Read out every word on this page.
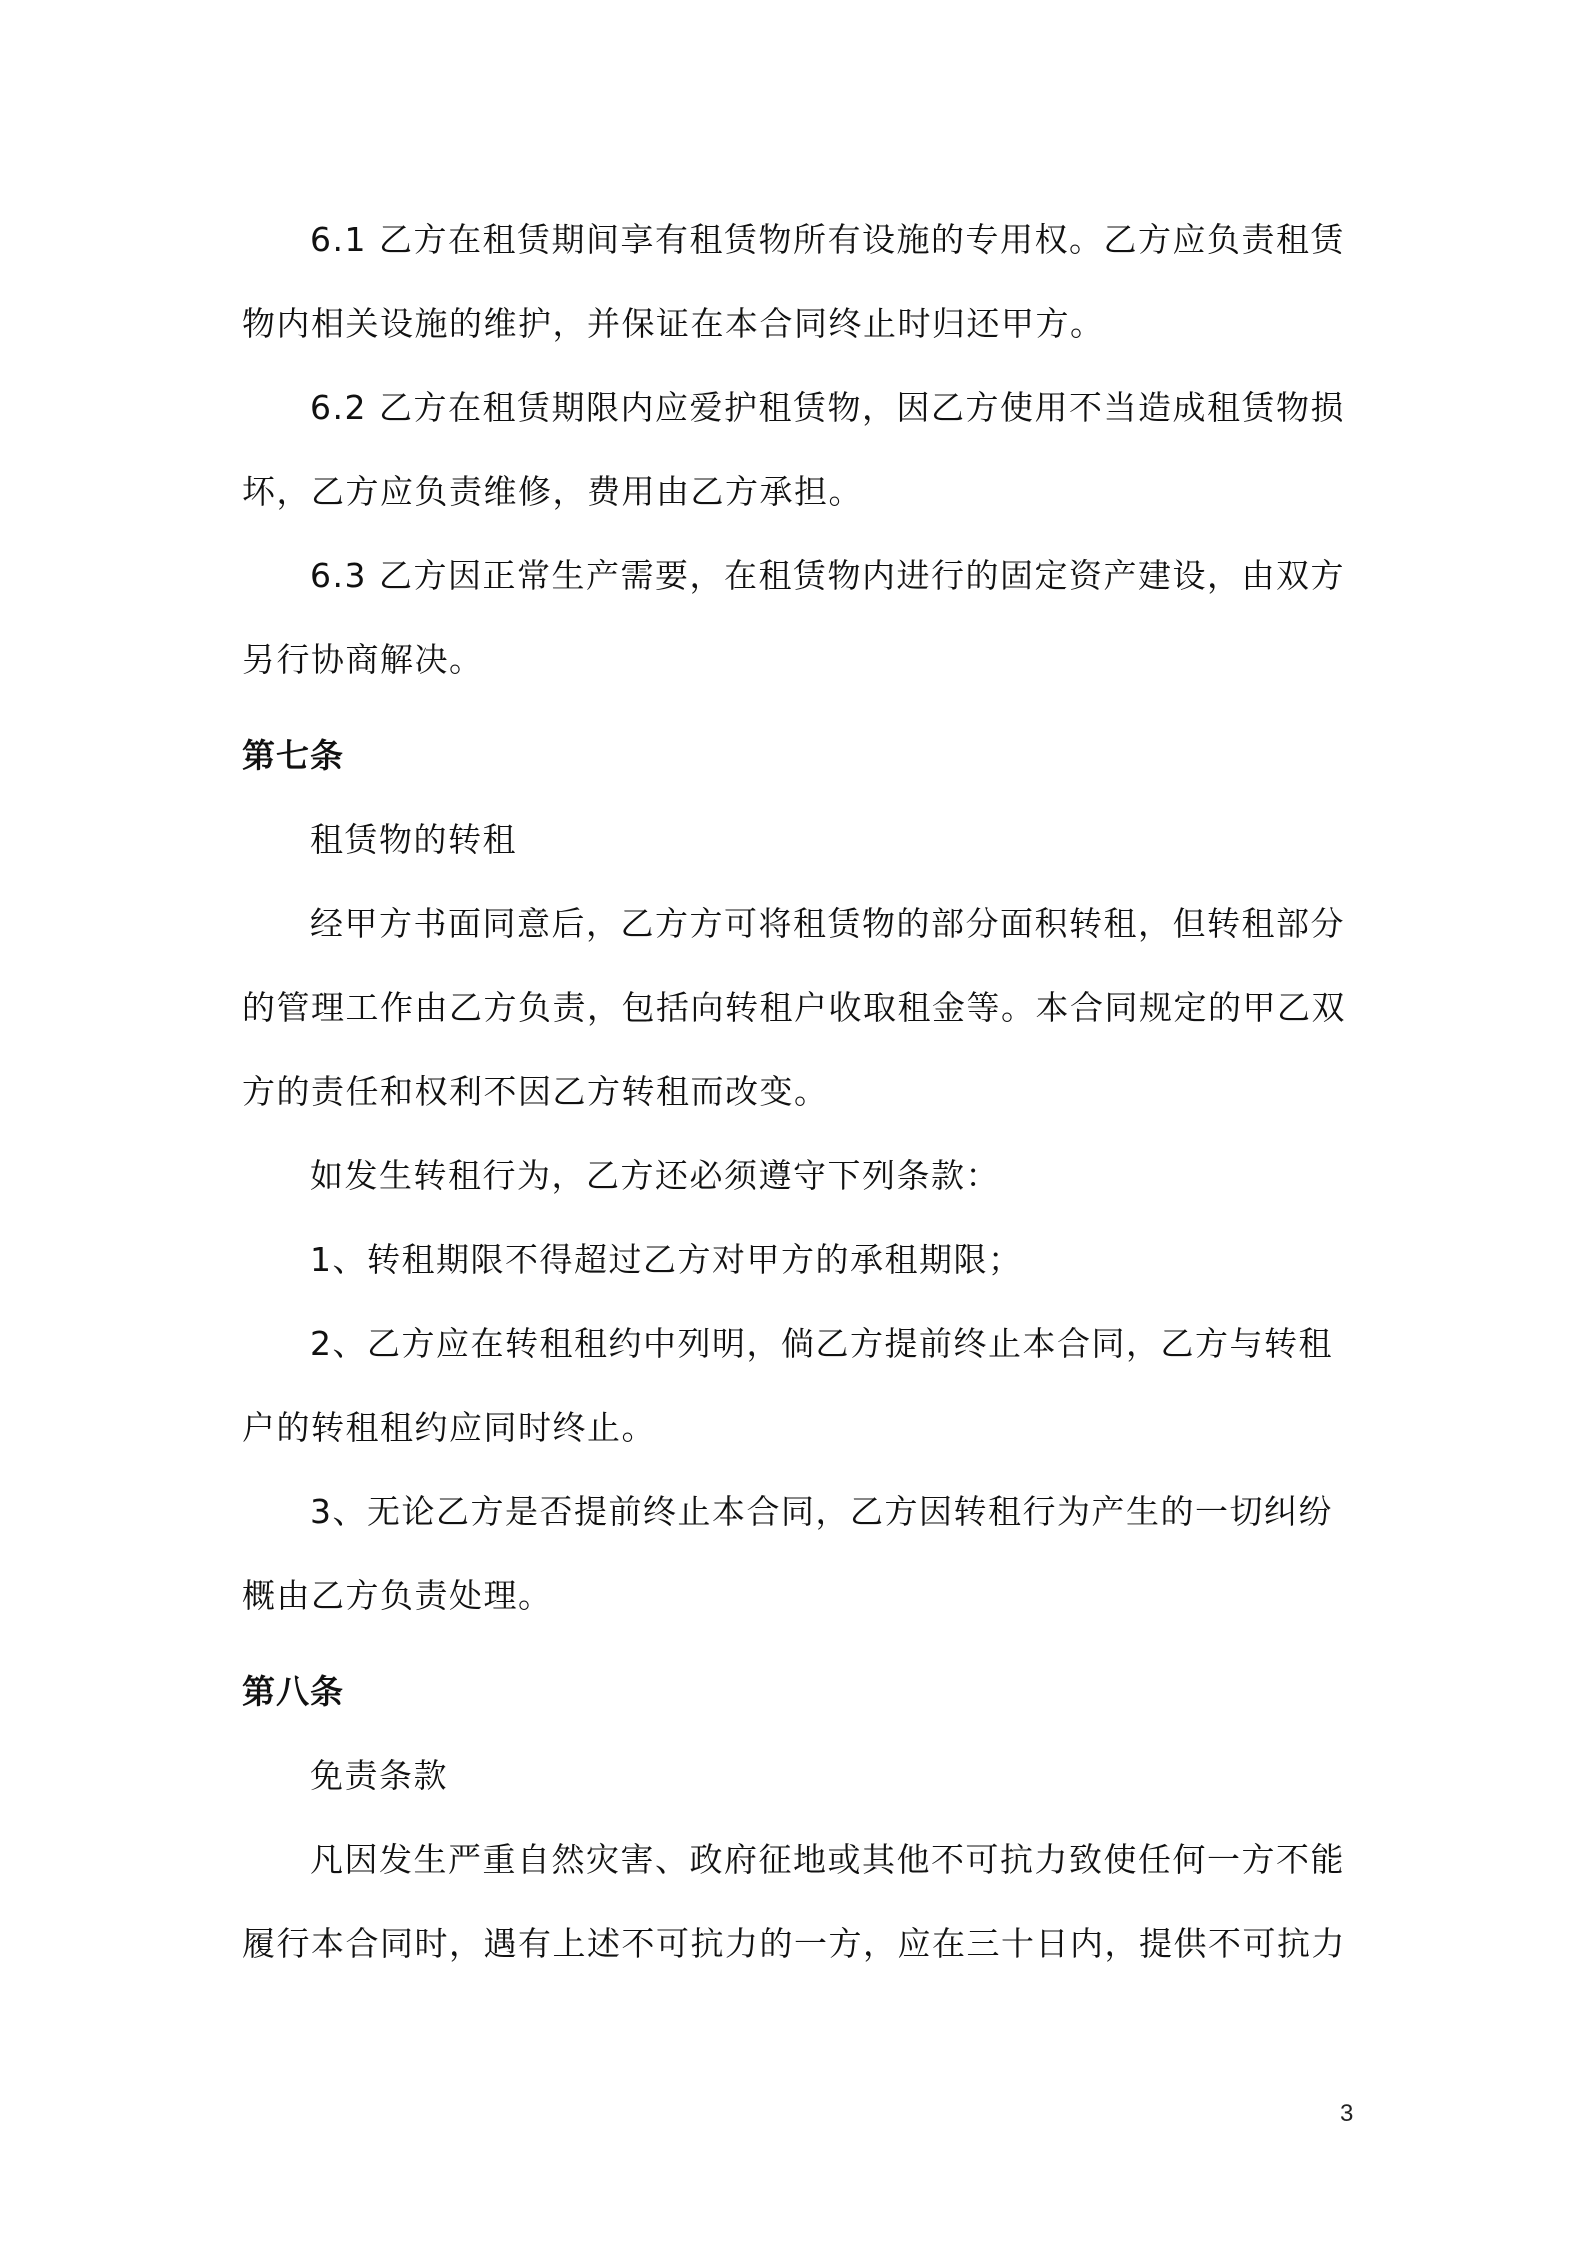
6.1 乙方在租赁期间享有租赁物所有设施的专用权。乙方应负责租赁物内相关设施的维护，并保证在本合同终止时归还甲方。

6.2 乙方在租赁期限内应爱护租赁物，因乙方使用不当造成租赁物损坏，乙方应负责维修，费用由乙方承担。

6.3 乙方因正常生产需要，在租赁物内进行的固定资产建设，由双方另行协商解决。

第七条

租赁物的转租

经甲方书面同意后，乙方方可将租赁物的部分面积转租，但转租部分的管理工作由乙方负责，包括向转租户收取租金等。本合同规定的甲乙双方的责任和权利不因乙方转租而改变。

如发生转租行为，乙方还必须遵守下列条款：

1、转租期限不得超过乙方对甲方的承租期限；

2、乙方应在转租租约中列明，倘乙方提前终止本合同，乙方与转租户的转租租约应同时终止。

3、无论乙方是否提前终止本合同，乙方因转租行为产生的一切纠纷概由乙方负责处理。

第八条

免责条款

凡因发生严重自然灾害、政府征地或其他不可抗力致使任何一方不能履行本合同时，遇有上述不可抗力的一方，应在三十日内，提供不可抗力

3
